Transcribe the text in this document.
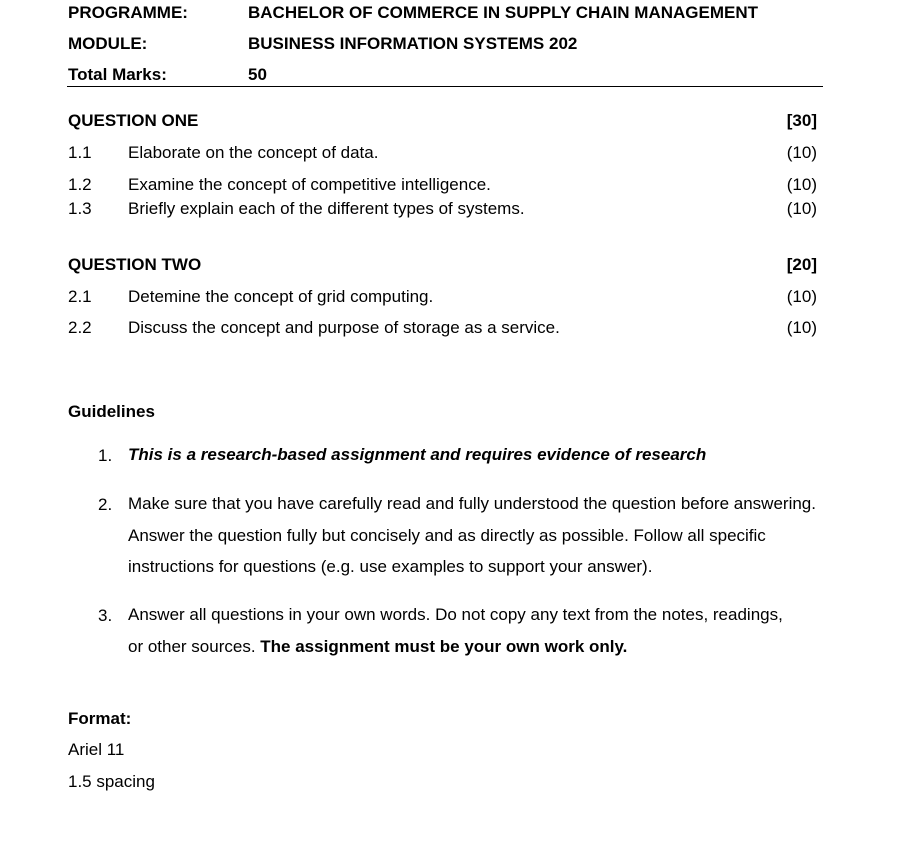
PROGRAMME:	BACHELOR OF COMMERCE IN SUPPLY CHAIN MANAGEMENT
MODULE:	BUSINESS INFORMATION SYSTEMS 202
Total Marks:	50
QUESTION ONE	[30]
1.1 Elaborate on the concept of data.	(10)
1.2 Examine the concept of competitive intelligence.	(10)
1.3 Briefly explain each of the different types of systems.	(10)
QUESTION TWO	[20]
2.1 Detemine the concept of grid computing.	(10)
2.2 Discuss the concept and purpose of storage as a service.	(10)
Guidelines
1. This is a research-based assignment and requires evidence of research
2. Make sure that you have carefully read and fully understood the question before answering. Answer the question fully but concisely and as directly as possible. Follow all specific instructions for questions (e.g. use examples to support your answer).
3. Answer all questions in your own words. Do not copy any text from the notes, readings, or other sources. The assignment must be your own work only.
Format:
Ariel 11
1.5 spacing
